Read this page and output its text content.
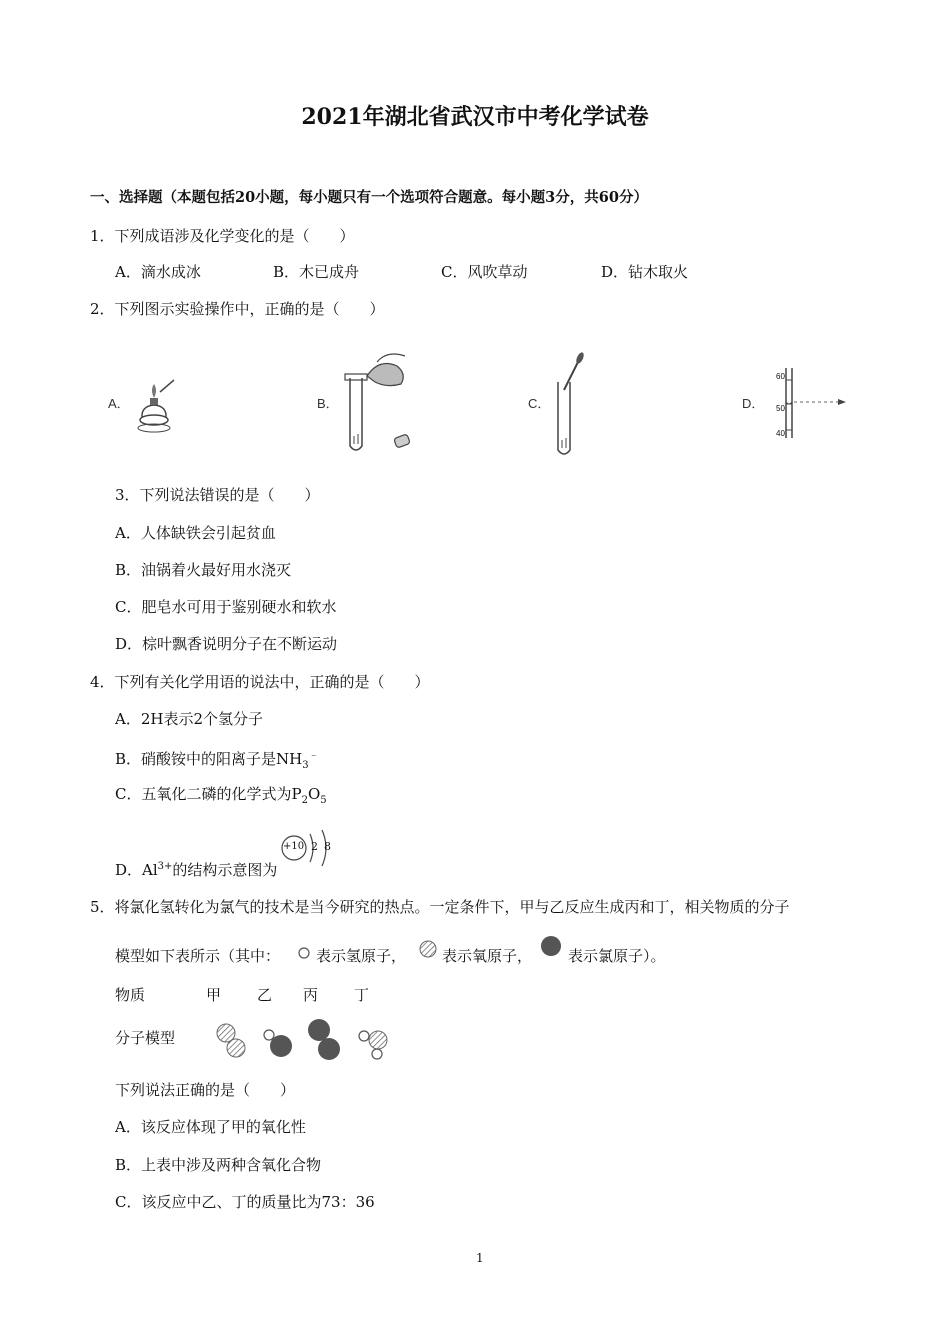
2021年湖北省武汉市中考化学试卷
一、选择题（本题包括20小题，每小题只有一个选项符合题意。每小题3分，共60分）
1．下列成语涉及化学变化的是（　　）
A．滴水成冰	B．木已成舟	C．风吹草动	D．钻木取火
2．下列图示实验操作中，正确的是（　　）
A．	B．	C．	D．
60
50
40
3．下列说法错误的是（　　）
A．人体缺铁会引起贫血
B．油锅着火最好用水浇灭
C．肥皂水可用于鉴别硬水和软水
D．棕叶飘香说明分子在不断运动
4．下列有关化学用语的说法中，正确的是（　　）
A．2H表示2个氢分子
B．硝酸铵中的阳离子是$NH_3^﹣$
C．五氧化二磷的化学式为$P_2O_5$
D．$Al^{3+}$的结构示意图为
+10 2 8
5．将氯化氢转化为氯气的技术是当今研究的热点。一定条件下，甲与乙反应生成丙和丁，相关物质的分子
模型如下表所示（其中： 表示氢原子， 表示氧原子， 表示氯原子）。
物质	甲 乙 丙 丁
分子模型
下列说法正确的是（　　）
A．该反应体现了甲的氧化性
B．上表中涉及两种含氧化合物
C．该反应中乙、丁的质量比为73：36
1
